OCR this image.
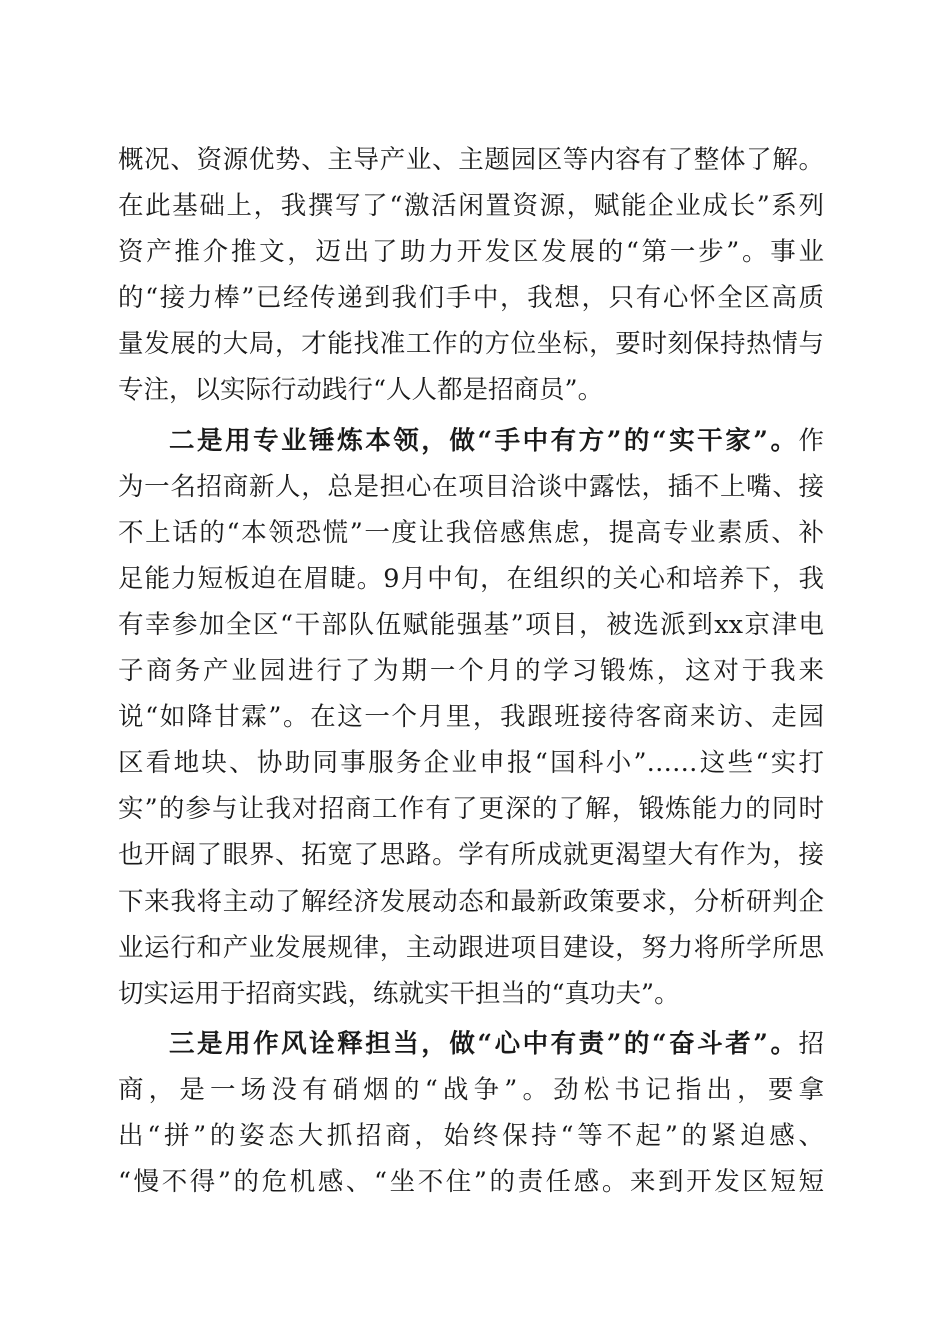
概况、资源优势、主导产业、主题园区等内容有了整体了解。
在此基础上，我撰写了“激活闲置资源，赋能企业成长”系列
资产推介推文，迈出了助力开发区发展的“第一步”。事业
的“接力棒”已经传递到我们手中，我想，只有心怀全区高质
量发展的大局，才能找准工作的方位坐标，要时刻保持热情与
专注，以实际行动践行“人人都是招商员”。
二是用专业锤炼本领，做“手中有方”的“实干家”。作
为一名招商新人，总是担心在项目洽谈中露怯，插不上嘴、接
不上话的“本领恐慌”一度让我倍感焦虑，提高专业素质、补
足能力短板迫在眉睫。9月中旬，在组织的关心和培养下，我
有幸参加全区“干部队伍赋能强基”项目，被选派到xx京津电
子商务产业园进行了为期一个月的学习锻炼，这对于我来
说“如降甘霖”。在这一个月里，我跟班接待客商来访、走园
区看地块、协助同事服务企业申报“国科小”……这些“实打
实”的参与让我对招商工作有了更深的了解，锻炼能力的同时
也开阔了眼界、拓宽了思路。学有所成就更渴望大有作为，接
下来我将主动了解经济发展动态和最新政策要求，分析研判企
业运行和产业发展规律，主动跟进项目建设，努力将所学所思
切实运用于招商实践，练就实干担当的“真功夫”。
三是用作风诠释担当，做“心中有责”的“奋斗者”。招
商，是一场没有硝烟的“战争”。劲松书记指出，要拿
出“拼”的姿态大抓招商，始终保持“等不起”的紧迫感、
“慢不得”的危机感、“坐不住”的责任感。来到开发区短短
